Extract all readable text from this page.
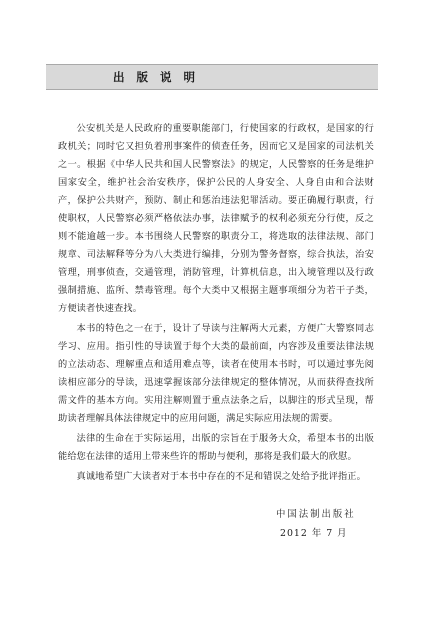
出 版 说 明

公安机关是人民政府的重要职能部门，行使国家的行政权，是国家的行政机关；同时它又担负着刑事案件的侦查任务，因而它又是国家的司法机关之一。根据《中华人民共和国人民警察法》的规定，人民警察的任务是维护国家安全，维护社会治安秩序，保护公民的人身安全、人身自由和合法财产，保护公共财产，预防、制止和惩治违法犯罪活动。要正确履行职责，行使职权，人民警察必须严格依法办事，法律赋予的权利必须充分行使，反之则不能逾越一步。本书围绕人民警察的职责分工，将选取的法律法规、部门规章、司法解释等分为八大类进行编排，分别为警务督察，综合执法，治安管理，刑事侦查，交通管理，消防管理，计算机信息，出入境管理以及行政强制措施、监所、禁毒管理。每个大类中又根据主题事项细分为若干子类，方便读者快速查找。

本书的特色之一在于，设计了导读与注解两大元素，方便广大警察同志学习、应用。指引性的导读置于每个大类的最前面，内容涉及重要法律法规的立法动态、理解重点和适用难点等，读者在使用本书时，可以通过事先阅读相应部分的导读，迅速掌握该部分法律规定的整体情况，从而获得查找所需文件的基本方向。实用注解则置于重点法条之后，以脚注的形式呈现，帮助读者理解具体法律规定中的应用问题，满足实际应用法规的需要。

法律的生命在于实际运用，出版的宗旨在于服务大众，希望本书的出版能给您在法律的适用上带来些许的帮助与便利，那将是我们最大的欣慰。

真诚地希望广大读者对于本书中存在的不足和错误之处给予批评指正。

中国法制出版社
2012 年 7 月
